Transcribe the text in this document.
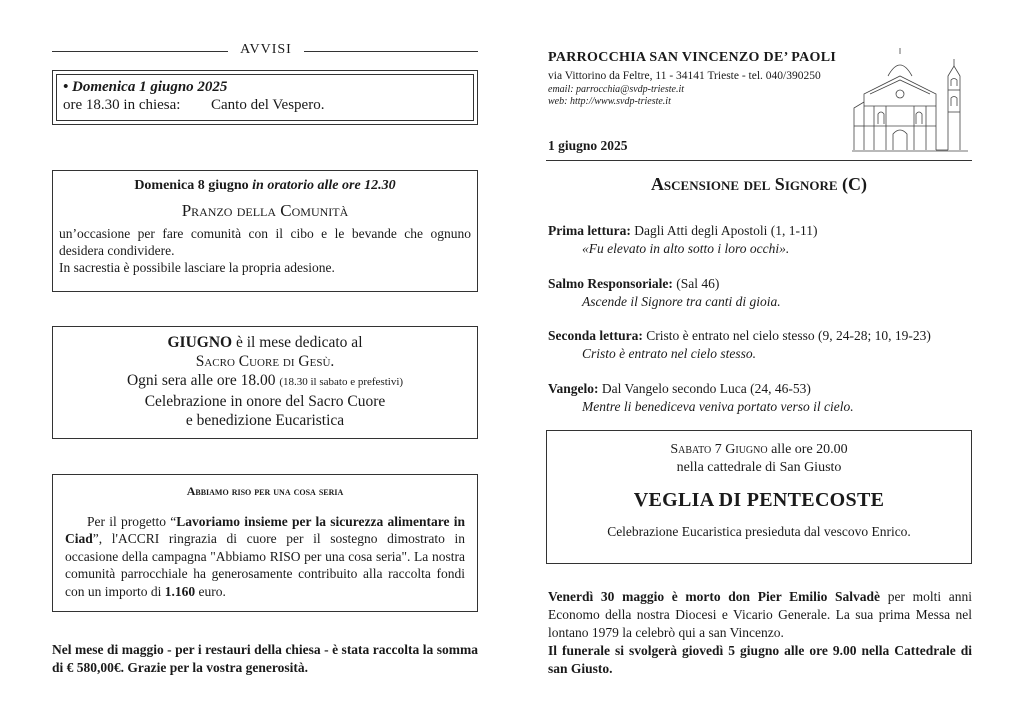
AVVISI
• Domenica 1 giugno 2025
ore 18.30 in chiesa:	Canto del Vespero.
Domenica 8 giugno in oratorio alle ore 12.30
Pranzo della Comunità
un’occasione per fare comunità con il cibo e le bevande che ognuno desidera condividere.
In sacrestia è possibile lasciare la propria adesione.
GIUGNO è il mese dedicato al
Sacro Cuore di Gesù.
Ogni sera alle ore 18.00 (18.30 il sabato e prefestivi)
Celebrazione in onore del Sacro Cuore
e benedizione Eucaristica
Abbiamo riso per una cosa seria
Per il progetto “Lavoriamo insieme per la sicurezza alimentare in Ciad”, l'ACCRI ringrazia di cuore per il sostegno dimostrato in occasione della campagna "Abbiamo RISO per una cosa seria". La nostra comunità parrocchiale ha generosamente contribuito alla raccolta fondi con un importo di 1.160 euro.
Nel mese di maggio - per i restauri della chiesa - è stata raccolta la somma di € 580,00€. Grazie per la vostra generosità.
PARROCCHIA SAN VINCENZO DE’ PAOLI
via Vittorino da Feltre, 11 - 34141 Trieste - tel. 040/390250
email: parrocchia@svdp-trieste.it
web: http://www.svdp-trieste.it
1 giugno 2025
Ascensione del Signore (C)
Prima lettura: Dagli Atti degli Apostoli (1, 1-11)
«Fu elevato in alto sotto i loro occhi».
Salmo Responsoriale: (Sal 46)
Ascende il Signore tra canti di gioia.
Seconda lettura: Cristo è entrato nel cielo stesso (9, 24-28; 10, 19-23)
Cristo è entrato nel cielo stesso.
Vangelo: Dal Vangelo secondo Luca (24, 46-53)
Mentre li benediceva veniva portato verso il cielo.
Sabato 7 Giugno alle ore 20.00
nella cattedrale di San Giusto
VEGLIA DI PENTECOSTE
Celebrazione Eucaristica presieduta dal vescovo Enrico.
Venerdì 30 maggio è morto don Pier Emilio Salvadè per molti anni Economo della nostra Diocesi e Vicario Generale. La sua prima Messa nel lontano 1979 la celebrò qui a san Vincenzo.
Il funerale si svolgerà giovedì 5 giugno alle ore 9.00 nella Cattedrale di san Giusto.
